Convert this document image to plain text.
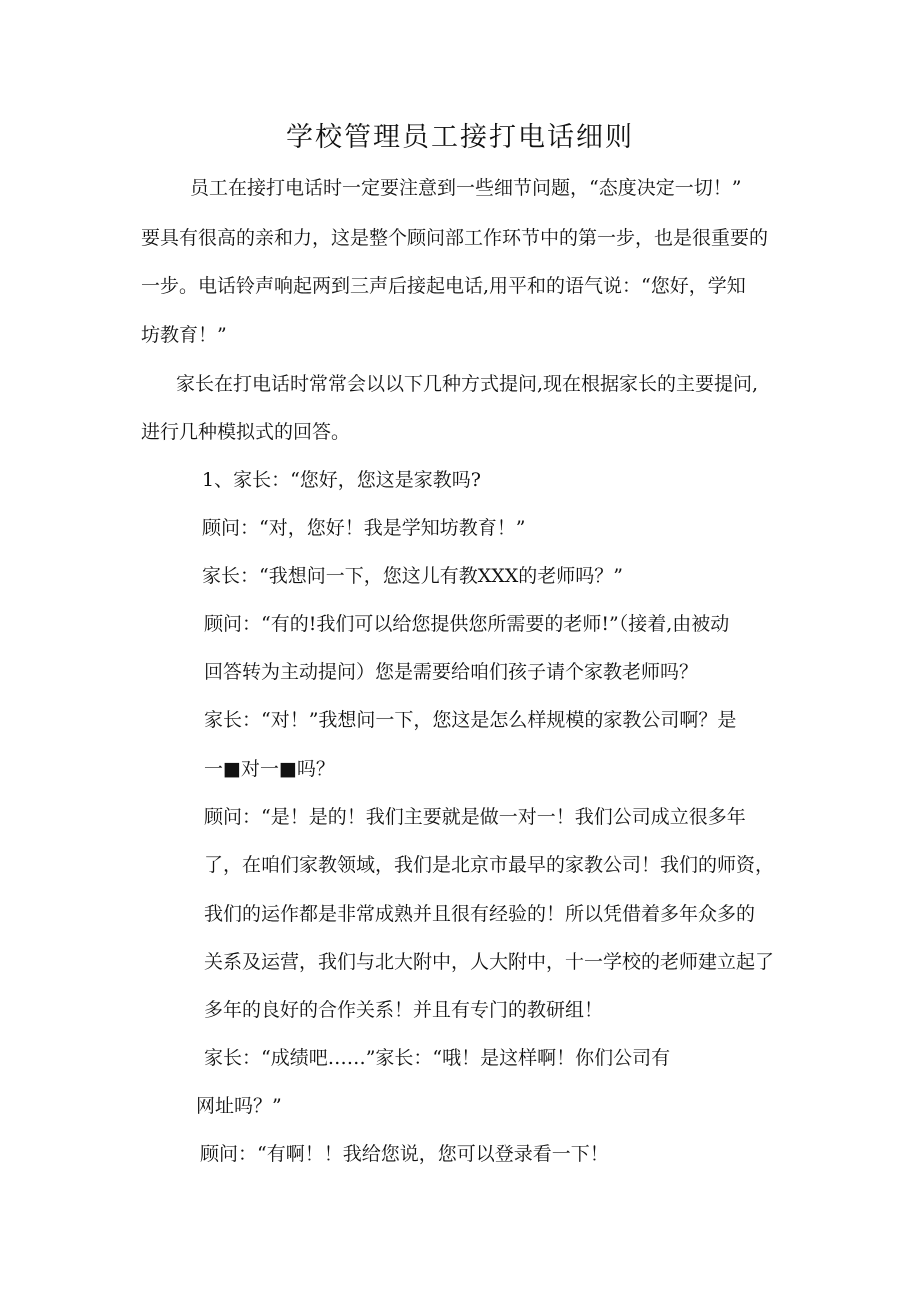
学校管理员工接打电话细则
员工在接打电话时一定要注意到一些细节问题，“态度决定一切！”
要具有很高的亲和力，这是整个顾问部工作环节中的第一步，也是很重要的
一步。电话铃声响起两到三声后接起电话,用平和的语气说：“您好，学知
坊教育！”
家长在打电话时常常会以以下几种方式提问,现在根据家长的主要提问,
进行几种模拟式的回答。
1、家长：“您好，您这是家教吗?
顾问：“对，您好！我是学知坊教育！”
家长：“我想问一下，您这儿有教XXX的老师吗？”
顾问：“有的!我们可以给您提供您所需要的老师!”（接着,由被动
回答转为主动提问）您是需要给咱们孩子请个家教老师吗？
家长：“对！”我想问一下，您这是怎么样规模的家教公司啊？是
一■对一■吗？
顾问：“是！是的！我们主要就是做一对一！我们公司成立很多年
了，在咱们家教领域，我们是北京市最早的家教公司！我们的师资，
我们的运作都是非常成熟并且很有经验的！所以凭借着多年众多的
关系及运营，我们与北大附中，人大附中，十一学校的老师建立起了
多年的良好的合作关系！并且有专门的教研组！
家长：“成绩吧……”家长：“哦！是这样啊！你们公司有
网址吗？”
顾问：“有啊！！我给您说，您可以登录看一下！
